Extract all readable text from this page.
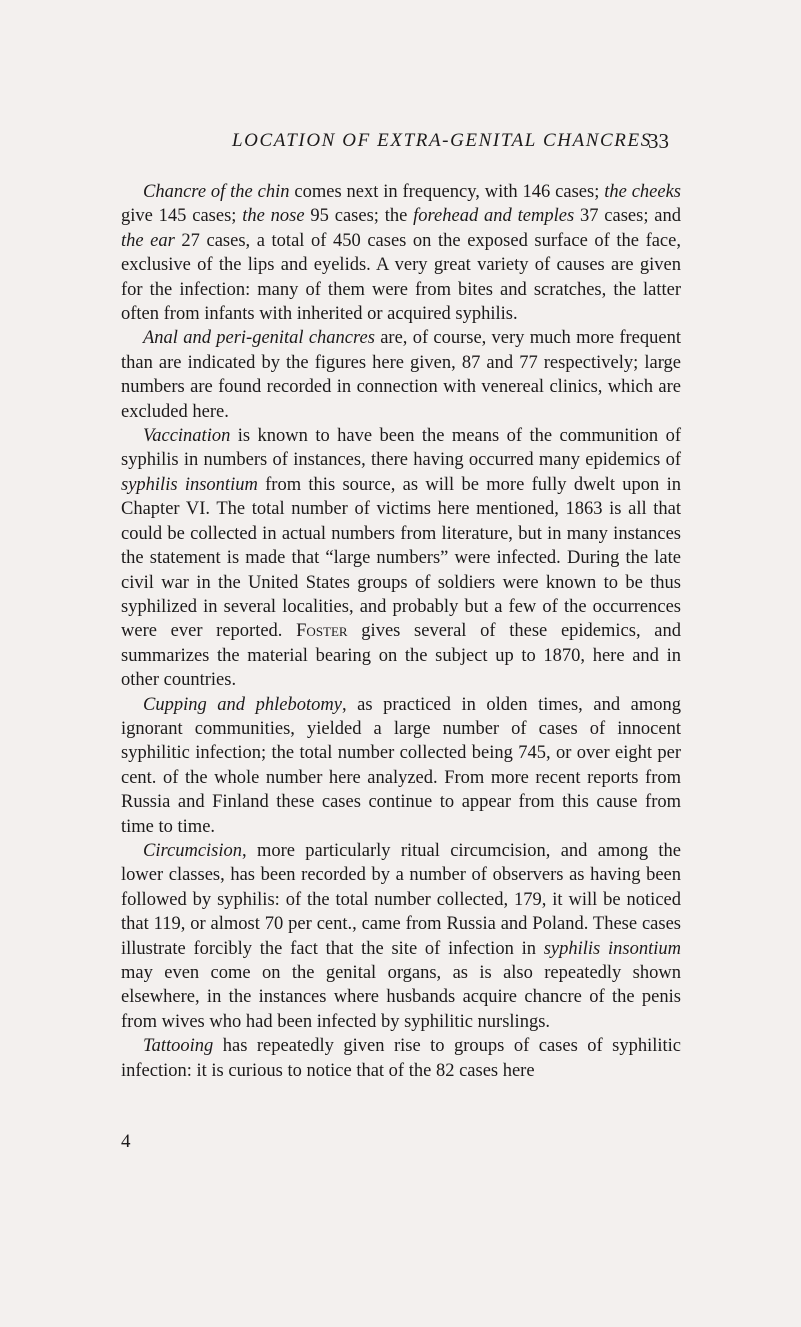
LOCATION OF EXTRA-GENITAL CHANCRES
33

Chancre of the chin comes next in frequency, with 146 cases; the cheeks give 145 cases; the nose 95 cases; the forehead and temples 37 cases; and the ear 27 cases, a total of 450 cases on the exposed surface of the face, exclusive of the lips and eyelids. A very great variety of causes are given for the infection: many of them were from bites and scratches, the latter often from infants with inherited or acquired syphilis.

Anal and peri-genital chancres are, of course, very much more frequent than are indicated by the figures here given, 87 and 77 respectively; large numbers are found recorded in connection with venereal clinics, which are excluded here.

Vaccination is known to have been the means of the communition of syphilis in numbers of instances, there having occurred many epidemics of syphilis insontium from this source, as will be more fully dwelt upon in Chapter VI. The total number of victims here mentioned, 1863 is all that could be collected in actual numbers from literature, but in many instances the statement is made that “large numbers” were infected. During the late civil war in the United States groups of soldiers were known to be thus syphilized in several localities, and probably but a few of the occurrences were ever reported. Foster gives several of these epidemics, and summarizes the material bearing on the subject up to 1870, here and in other countries.

Cupping and phlebotomy, as practiced in olden times, and among ignorant communities, yielded a large number of cases of innocent syphilitic infection; the total number collected being 745, or over eight per cent. of the whole number here analyzed. From more recent reports from Russia and Finland these cases continue to appear from this cause from time to time.

Circumcision, more particularly ritual circumcision, and among the lower classes, has been recorded by a number of observers as having been followed by syphilis: of the total number collected, 179, it will be noticed that 119, or almost 70 per cent., came from Russia and Poland. These cases illustrate forcibly the fact that the site of infection in syphilis insontium may even come on the genital organs, as is also repeatedly shown elsewhere, in the instances where husbands acquire chancre of the penis from wives who had been infected by syphilitic nurslings.

Tattooing has repeatedly given rise to groups of cases of syphilitic infection: it is curious to notice that of the 82 cases here

4
